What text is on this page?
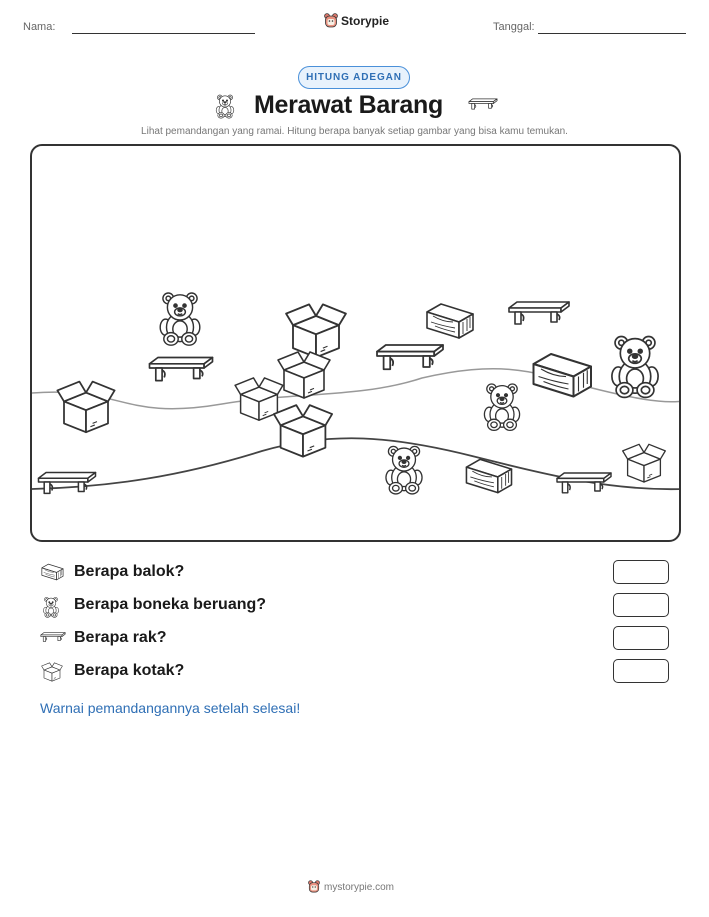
Nama:	Storypie	Tanggal:
HITUNG ADEGAN
Merawat Barang
Lihat pemandangan yang ramai. Hitung berapa banyak setiap gambar yang bisa kamu temukan.
Berapa balok?
Berapa boneka beruang?
Berapa rak?
Berapa kotak?
Warnai pemandangannya setelah selesai!
mystorypie.com
